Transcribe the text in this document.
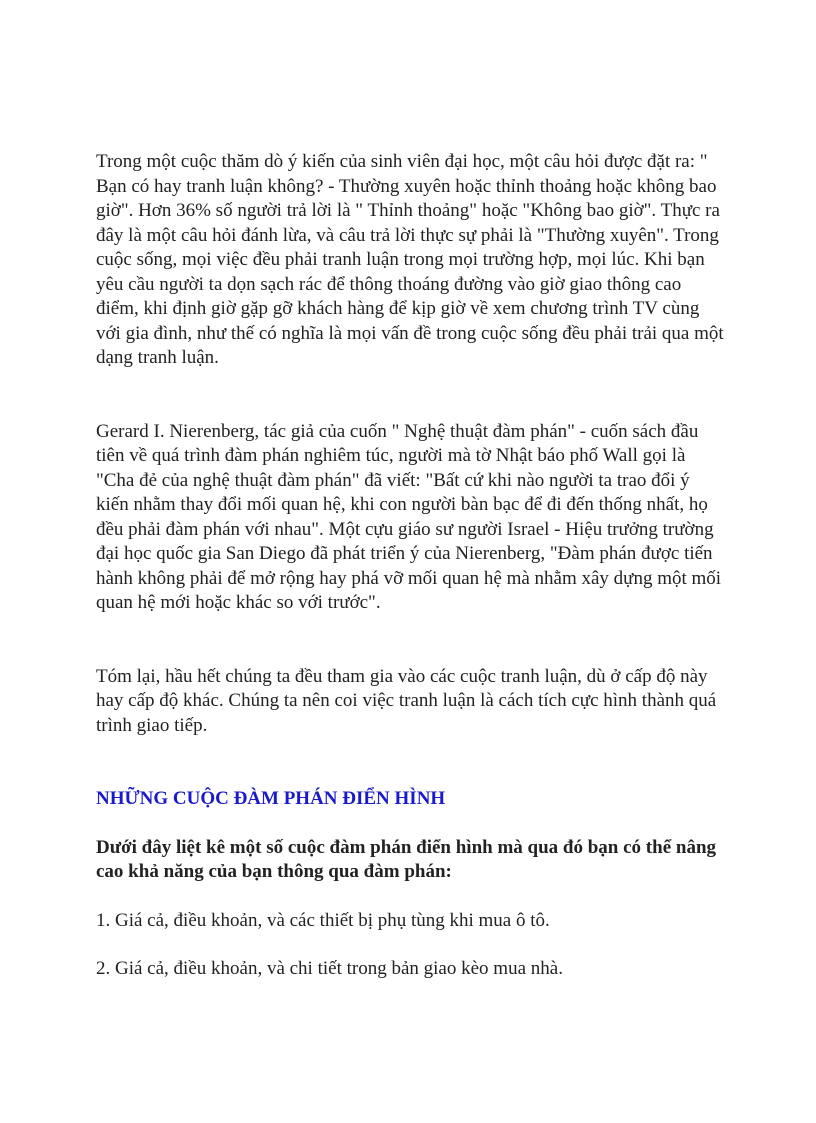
Trong một cuộc thăm dò ý kiến của sinh viên đại học, một câu hỏi được đặt ra: " Bạn có hay tranh luận không? - Thường xuyên hoặc thỉnh thoảng hoặc không bao giờ". Hơn 36% số người trả lời là " Thỉnh thoảng" hoặc "Không bao giờ". Thực ra đây là một câu hỏi đánh lừa, và câu trả lời thực sự phải là "Thường xuyên". Trong cuộc sống, mọi việc đều phải tranh luận trong mọi trường hợp, mọi lúc. Khi bạn yêu cầu người ta dọn sạch rác để thông thoáng đường vào giờ giao thông cao điểm, khi định giờ gặp gỡ khách hàng để kịp giờ về xem chương trình TV cùng với gia đình, như thế có nghĩa là mọi vấn đề trong cuộc sống đều phải trải qua một dạng tranh luận.

Gerard I. Nierenberg, tác giả của cuốn " Nghệ thuật đàm phán" - cuốn sách đầu tiên về quá trình đàm phán nghiêm túc, người mà tờ Nhật báo phố Wall gọi là "Cha đẻ của nghệ thuật đàm phán" đã viết: "Bất cứ khi nào người ta trao đổi ý kiến nhằm thay đổi mối quan hệ, khi con người bàn bạc để đi đến thống nhất, họ đều phải đàm phán với nhau". Một cựu giáo sư người Israel - Hiệu trưởng trường đại học quốc gia San Diego đã phát triển ý của Nierenberg, "Đàm phán được tiến hành không phải để mở rộng hay phá vỡ mối quan hệ mà nhằm xây dựng một mối quan hệ mới hoặc khác so với trước".

Tóm lại, hầu hết chúng ta đều tham gia vào các cuộc tranh luận, dù ở cấp độ này hay cấp độ khác. Chúng ta nên coi việc tranh luận là cách tích cực hình thành quá trình giao tiếp.

NHỮNG CUỘC ĐÀM PHÁN ĐIỂN HÌNH

Dưới đây liệt kê một số cuộc đàm phán điển hình mà qua đó bạn có thể nâng cao khả năng của bạn thông qua đàm phán:

1. Giá cả, điều khoản, và các thiết bị phụ tùng khi mua ô tô.

2. Giá cả, điều khoản, và chi tiết trong bản giao kèo mua nhà.
